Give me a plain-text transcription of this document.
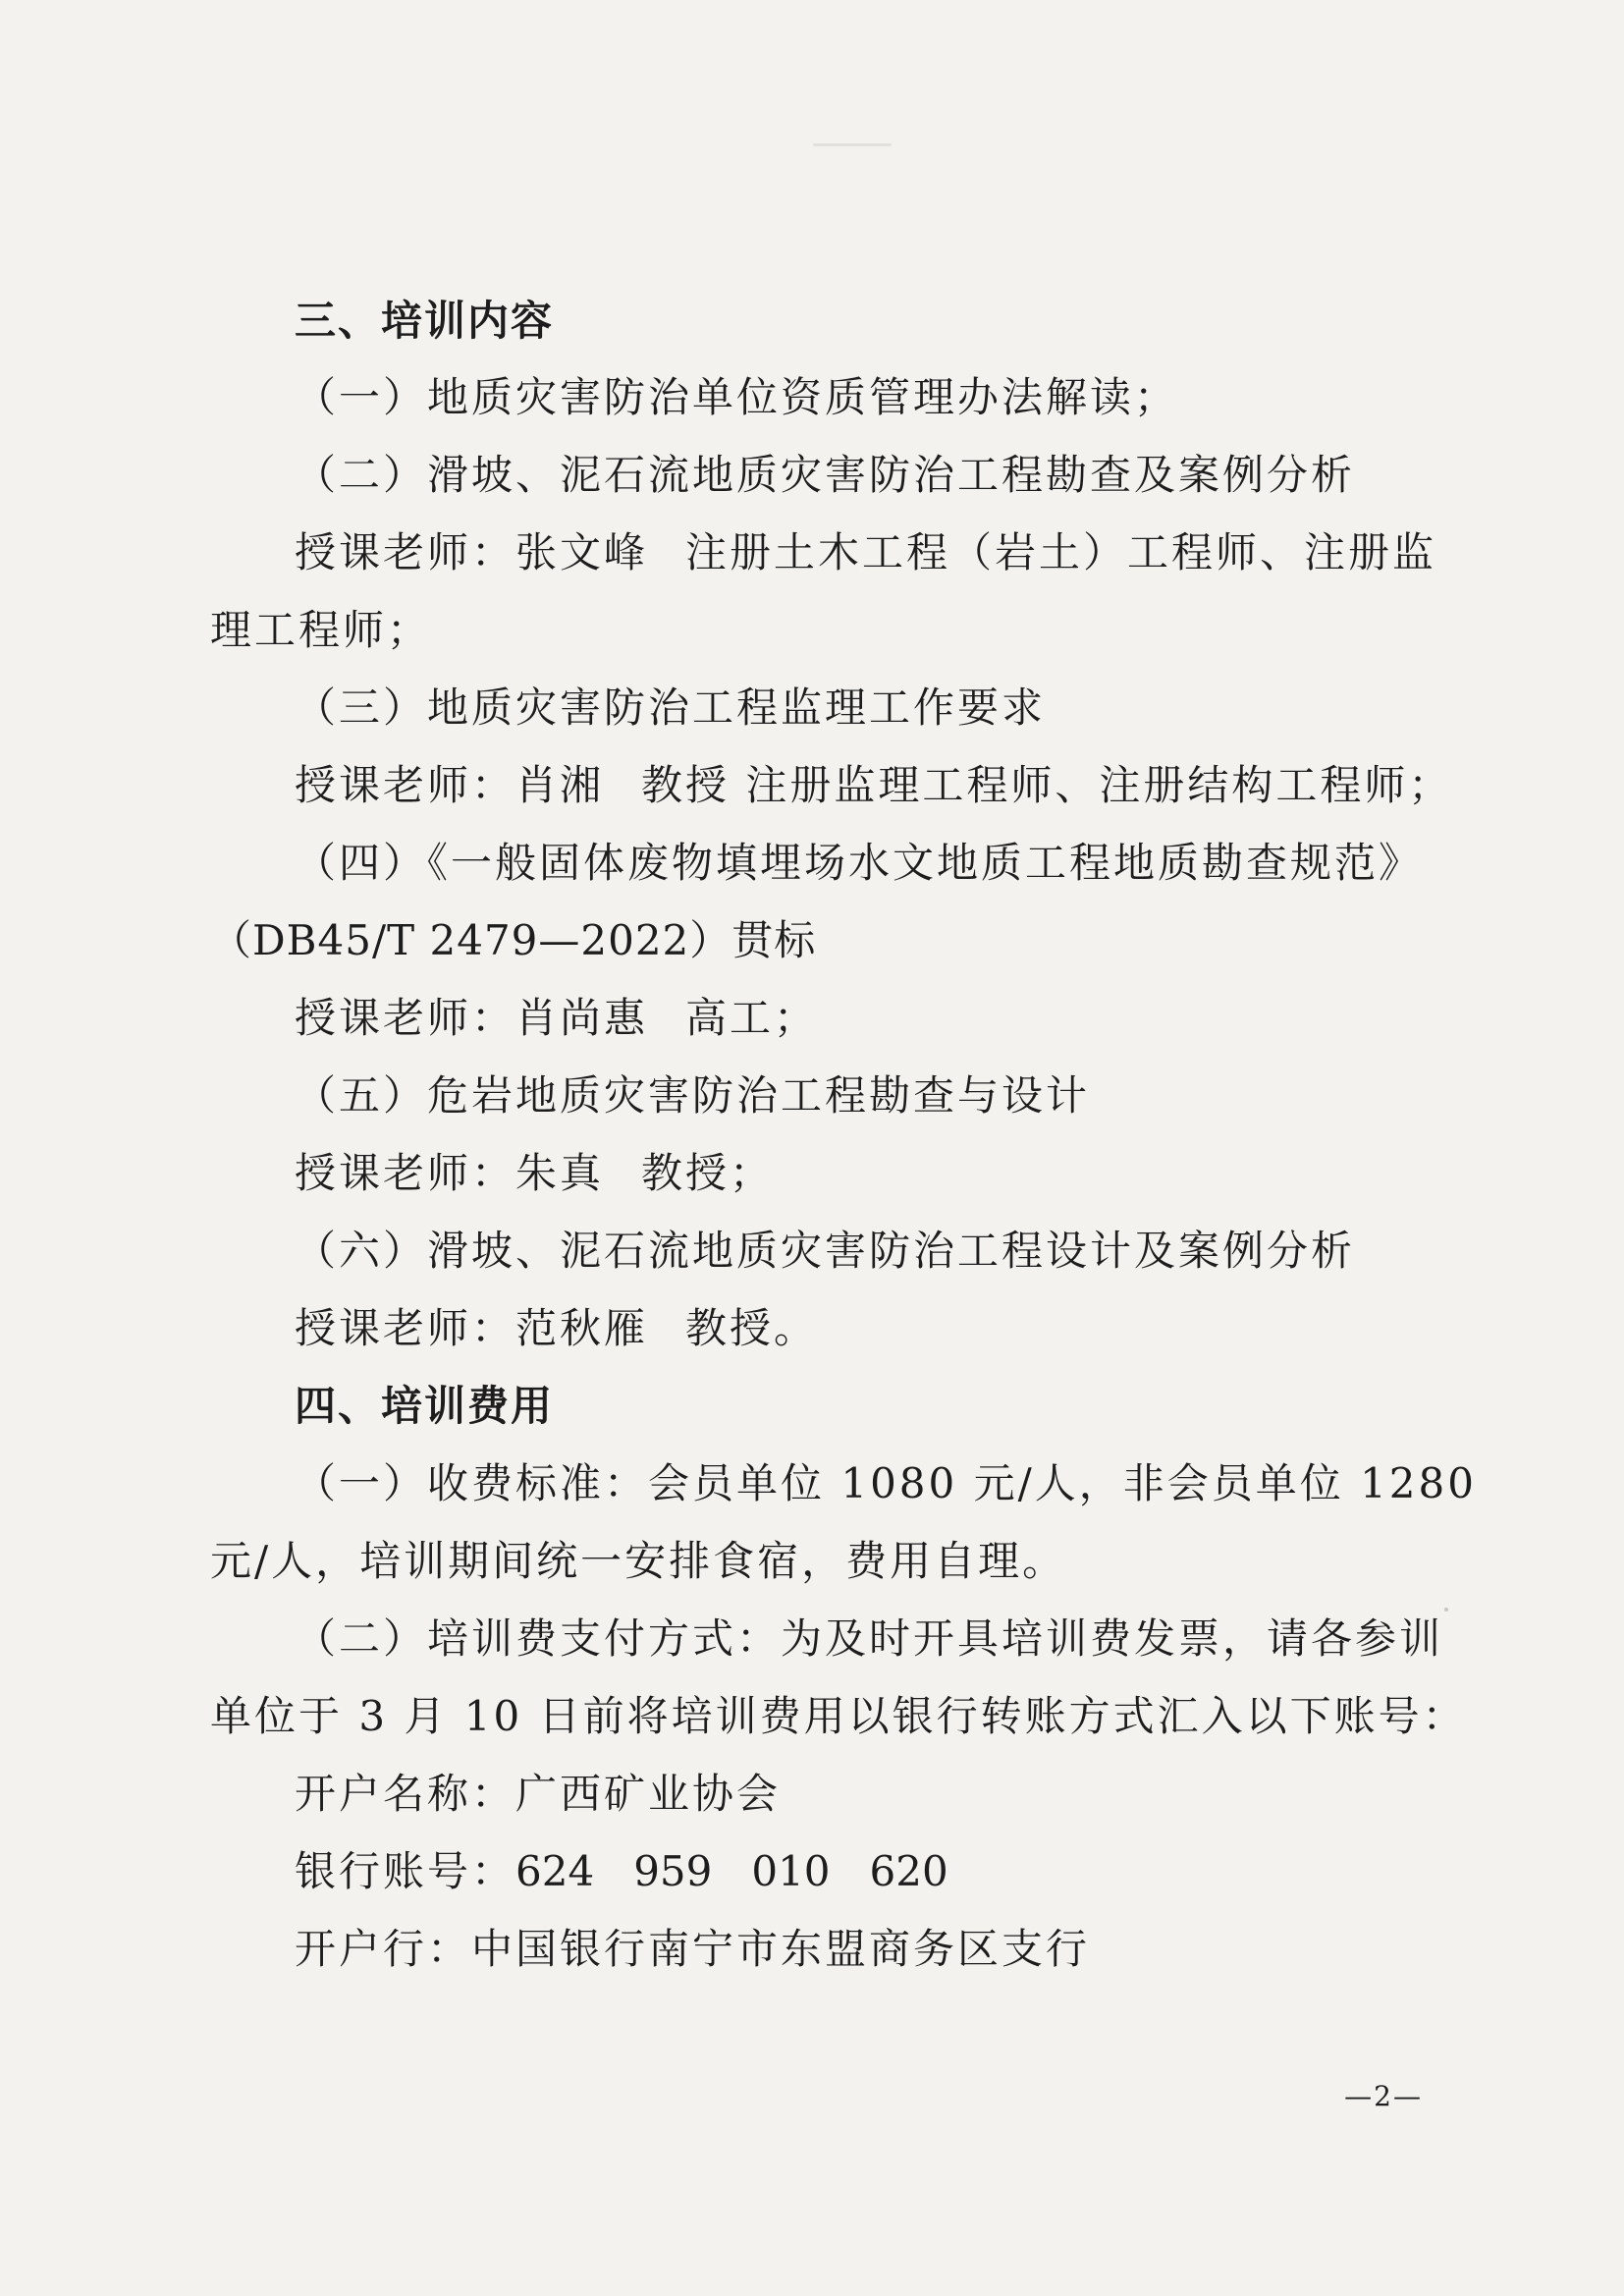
三、培训内容
（一）地质灾害防治单位资质管理办法解读；
（二）滑坡、泥石流地质灾害防治工程勘查及案例分析
授课老师：张文峰 注册土木工程（岩土）工程师、注册监
理工程师；
（三）地质灾害防治工程监理工作要求
授课老师：肖湘 教授 注册监理工程师、注册结构工程师；
（四）《一般固体废物填埋场水文地质工程地质勘查规范》
（DB45/T 2479—2022）贯标
授课老师：肖尚惠 高工；
（五）危岩地质灾害防治工程勘查与设计
授课老师：朱真 教授；
（六）滑坡、泥石流地质灾害防治工程设计及案例分析
授课老师：范秋雁 教授。
四、培训费用
（一）收费标准：会员单位 1080 元/人，非会员单位 1280
元/人，培训期间统一安排食宿，费用自理。
（二）培训费支付方式：为及时开具培训费发票，请各参训
单位于 3 月 10 日前将培训费用以银行转账方式汇入以下账号：
开户名称：广西矿业协会
银行账号：624 959 010 620
开户行：中国银行南宁市东盟商务区支行
—2—
